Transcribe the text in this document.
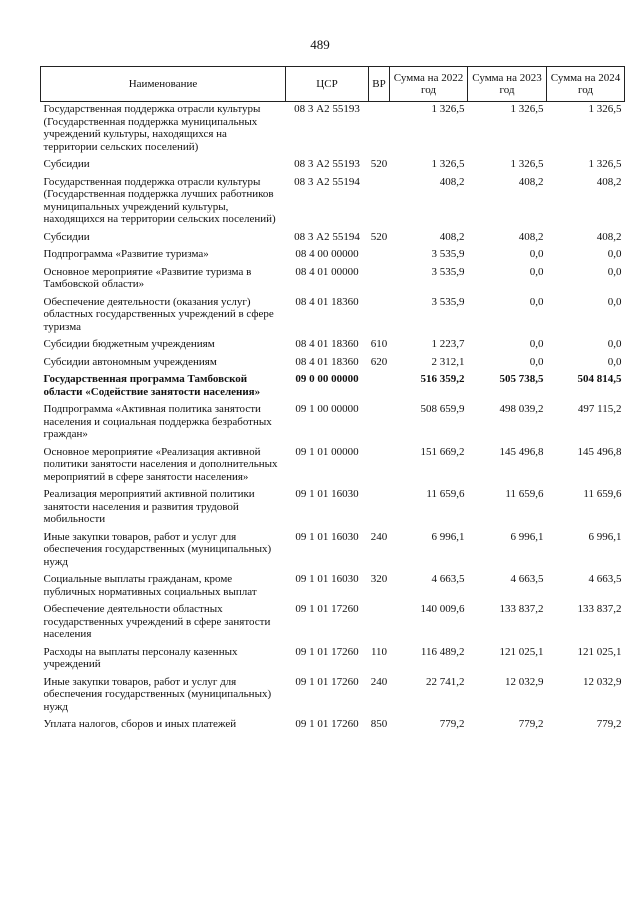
489
Наименование	ЦСР	ВР	Сумма на 2022 год	Сумма на 2023 год	Сумма на 2024 год
Государственная поддержка отрасли культуры (Государственная поддержка муниципальных учреждений культуры, находящихся на территории сельских поселений)	08 3 А2 55193		1 326,5	1 326,5	1 326,5
Субсидии	08 3 А2 55193	520	1 326,5	1 326,5	1 326,5
Государственная поддержка отрасли культуры (Государственная поддержка лучших работников муниципальных учреждений культуры, находящихся на территории сельских поселений)	08 3 А2 55194		408,2	408,2	408,2
Субсидии	08 3 А2 55194	520	408,2	408,2	408,2
Подпрограмма «Развитие туризма»	08 4 00 00000		3 535,9	0,0	0,0
Основное мероприятие «Развитие туризма в Тамбовской области»	08 4 01 00000		3 535,9	0,0	0,0
Обеспечение деятельности (оказания услуг) областных государственных учреждений в сфере туризма	08 4 01 18360		3 535,9	0,0	0,0
Субсидии бюджетным учреждениям	08 4 01 18360	610	1 223,7	0,0	0,0
Субсидии автономным учреждениям	08 4 01 18360	620	2 312,1	0,0	0,0
Государственная программа Тамбовской области «Содействие занятости населения»	09 0 00 00000		516 359,2	505 738,5	504 814,5
Подпрограмма «Активная политика занятости населения и социальная поддержка безработных граждан»	09 1 00 00000		508 659,9	498 039,2	497 115,2
Основное мероприятие «Реализация активной политики занятости населения и дополнительных мероприятий в сфере занятости населения»	09 1 01 00000		151 669,2	145 496,8	145 496,8
Реализация мероприятий активной политики занятости населения и развития трудовой мобильности	09 1 01 16030		11 659,6	11 659,6	11 659,6
Иные закупки товаров, работ и услуг для обеспечения государственных (муниципальных) нужд	09 1 01 16030	240	6 996,1	6 996,1	6 996,1
Социальные выплаты гражданам, кроме публичных нормативных социальных выплат	09 1 01 16030	320	4 663,5	4 663,5	4 663,5
Обеспечение деятельности областных государственных учреждений в сфере занятости населения	09 1 01 17260		140 009,6	133 837,2	133 837,2
Расходы на выплаты персоналу казенных учреждений	09 1 01 17260	110	116 489,2	121 025,1	121 025,1
Иные закупки товаров, работ и услуг для обеспечения государственных (муниципальных) нужд	09 1 01 17260	240	22 741,2	12 032,9	12 032,9
Уплата налогов, сборов и иных платежей	09 1 01 17260	850	779,2	779,2	779,2
